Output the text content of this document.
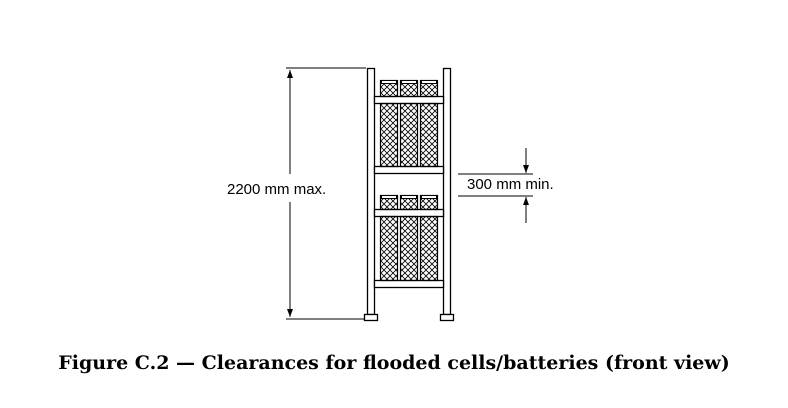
2200 mm max.	300 mm min.
Figure C.2 — Clearances for flooded cells/batteries (front view)
